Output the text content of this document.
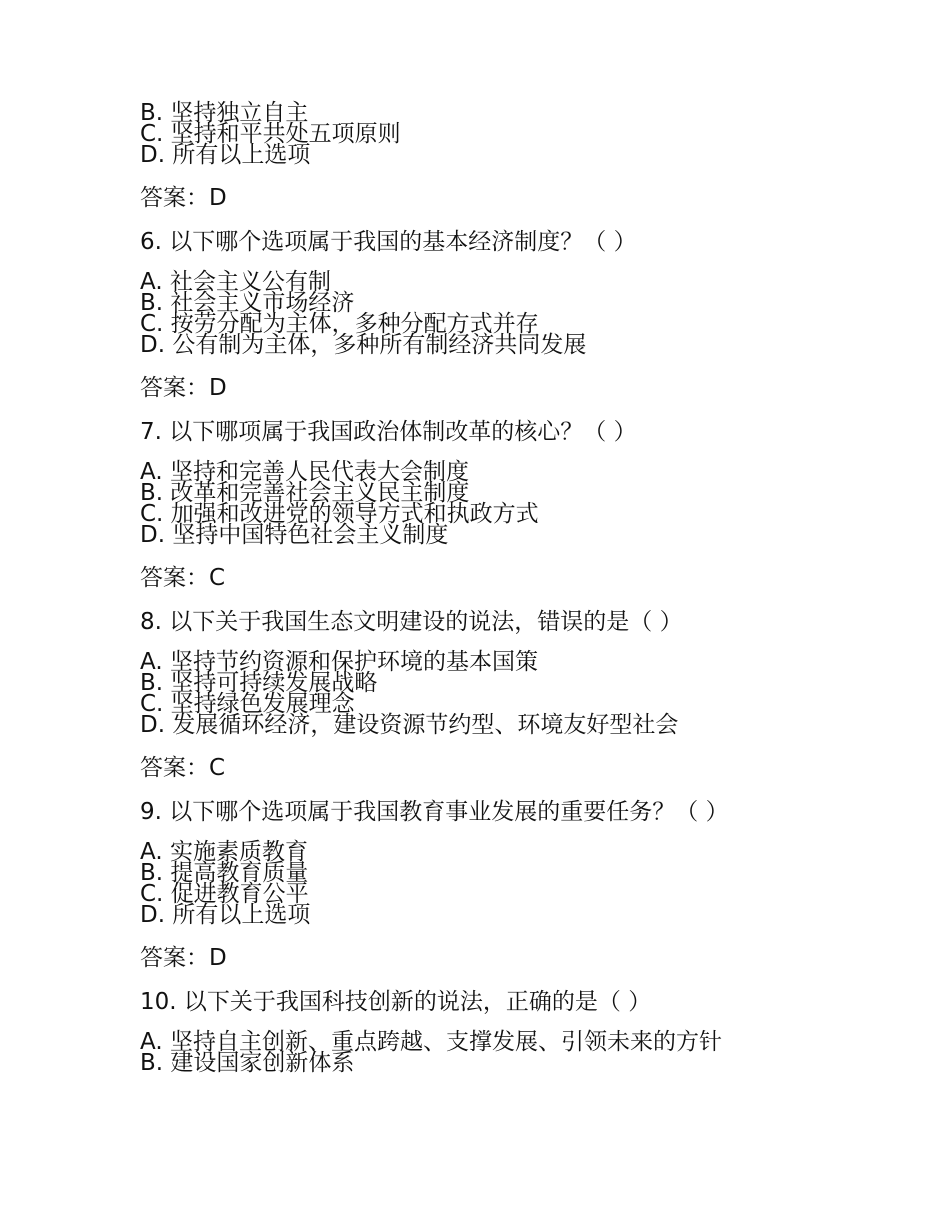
B. 坚持独立自主
C. 坚持和平共处五项原则
D. 所有以上选项
答案：D
6. 以下哪个选项属于我国的基本经济制度？（ ）
A. 社会主义公有制
B. 社会主义市场经济
C. 按劳分配为主体，多种分配方式并存
D. 公有制为主体，多种所有制经济共同发展
答案：D
7. 以下哪项属于我国政治体制改革的核心？（ ）
A. 坚持和完善人民代表大会制度
B. 改革和完善社会主义民主制度
C. 加强和改进党的领导方式和执政方式
D. 坚持中国特色社会主义制度
答案：C
8. 以下关于我国生态文明建设的说法，错误的是（ ）
A. 坚持节约资源和保护环境的基本国策
B. 坚持可持续发展战略
C. 坚持绿色发展理念
D. 发展循环经济，建设资源节约型、环境友好型社会
答案：C
9. 以下哪个选项属于我国教育事业发展的重要任务？（ ）
A. 实施素质教育
B. 提高教育质量
C. 促进教育公平
D. 所有以上选项
答案：D
10. 以下关于我国科技创新的说法，正确的是（ ）
A. 坚持自主创新、重点跨越、支撑发展、引领未来的方针
B. 建设国家创新体系
